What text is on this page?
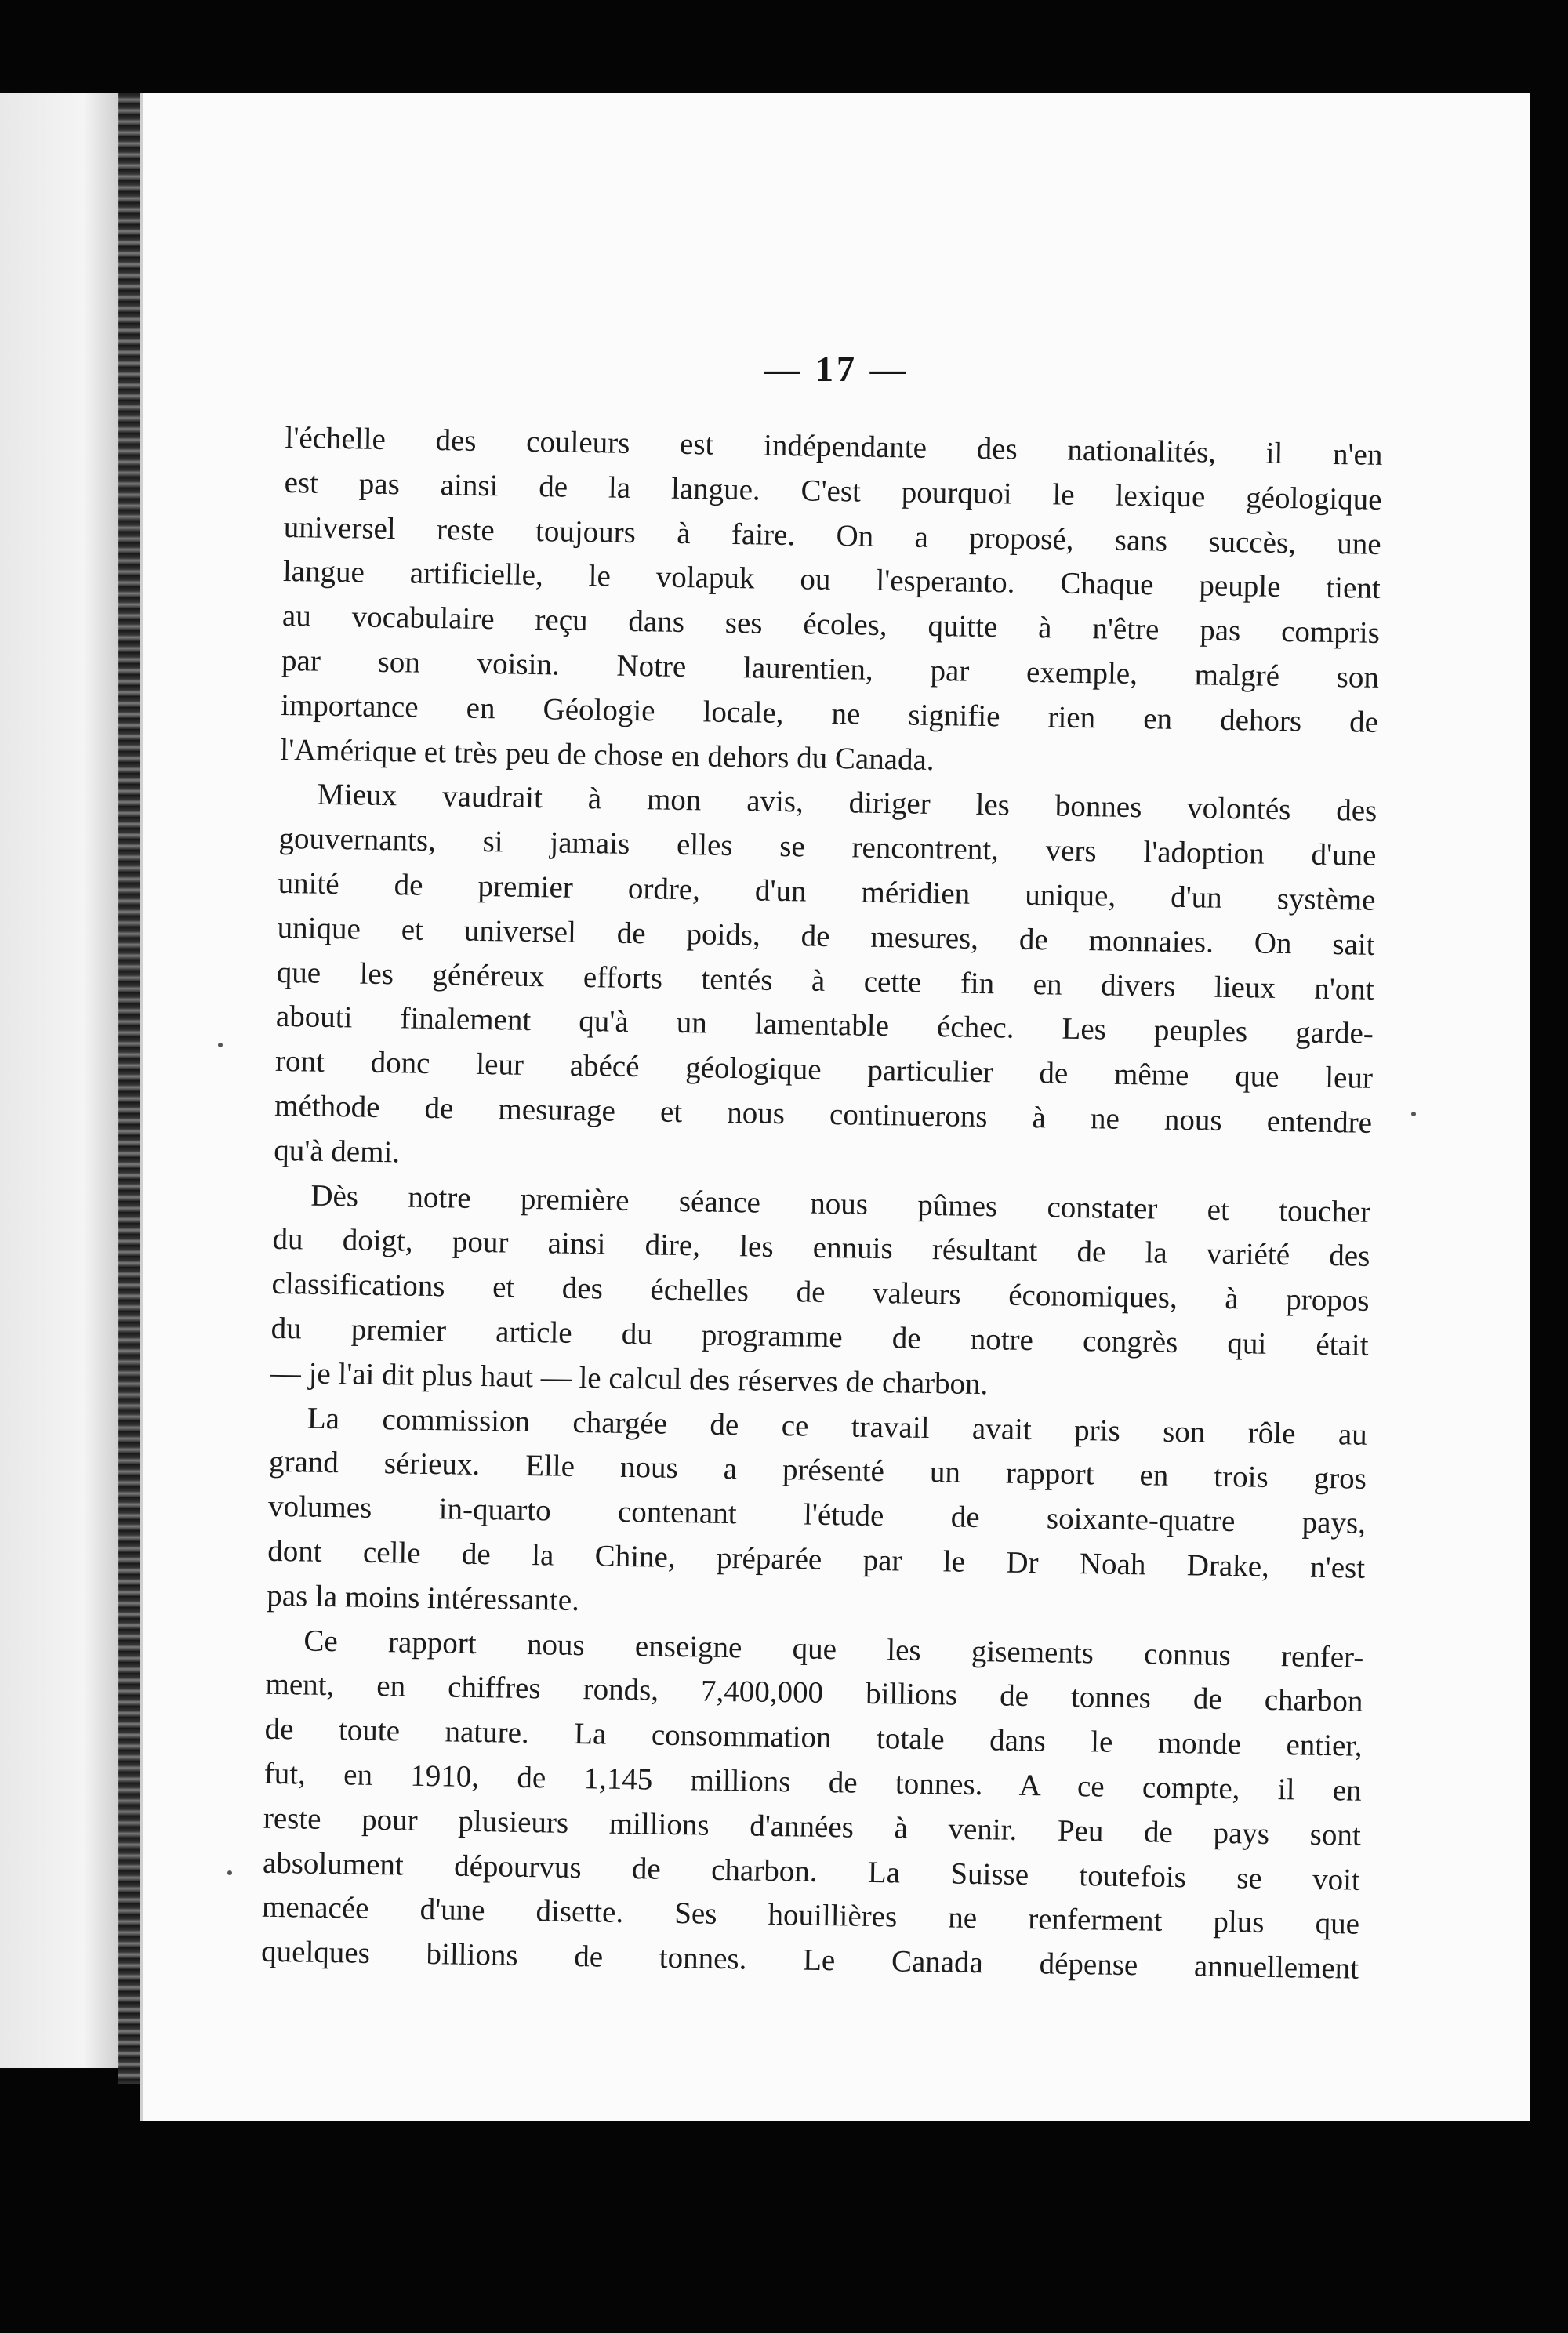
— 17 —
l'échelle des couleurs est indépendante des nationalités, il n'en
est pas ainsi de la langue. C'est pourquoi le lexique géologique
universel reste toujours à faire. On a proposé, sans succès, une
langue artificielle, le volapuk ou l'esperanto. Chaque peuple tient
au vocabulaire reçu dans ses écoles, quitte à n'être pas compris
par son voisin. Notre laurentien, par exemple, malgré son
importance en Géologie locale, ne signifie rien en dehors de
l'Amérique et très peu de chose en dehors du Canada.
Mieux vaudrait à mon avis, diriger les bonnes volontés des
gouvernants, si jamais elles se rencontrent, vers l'adoption d'une
unité de premier ordre, d'un méridien unique, d'un système
unique et universel de poids, de mesures, de monnaies. On sait
que les généreux efforts tentés à cette fin en divers lieux n'ont
abouti finalement qu'à un lamentable échec. Les peuples garde-
ront donc leur abécé géologique particulier de même que leur
méthode de mesurage et nous continuerons à ne nous entendre
qu'à demi.
Dès notre première séance nous pûmes constater et toucher
du doigt, pour ainsi dire, les ennuis résultant de la variété des
classifications et des échelles de valeurs économiques, à propos
du premier article du programme de notre congrès qui était
— je l'ai dit plus haut — le calcul des réserves de charbon.
La commission chargée de ce travail avait pris son rôle au
grand sérieux. Elle nous a présenté un rapport en trois gros
volumes in-quarto contenant l'étude de soixante-quatre pays,
dont celle de la Chine, préparée par le Dr Noah Drake, n'est
pas la moins intéressante.
Ce rapport nous enseigne que les gisements connus renfer-
ment, en chiffres ronds, 7,400,000 billions de tonnes de charbon
de toute nature. La consommation totale dans le monde entier,
fut, en 1910, de 1,145 millions de tonnes. A ce compte, il en
reste pour plusieurs millions d'années à venir. Peu de pays sont
absolument dépourvus de charbon. La Suisse toutefois se voit
menacée d'une disette. Ses houillières ne renferment plus que
quelques billions de tonnes. Le Canada dépense annuellement
